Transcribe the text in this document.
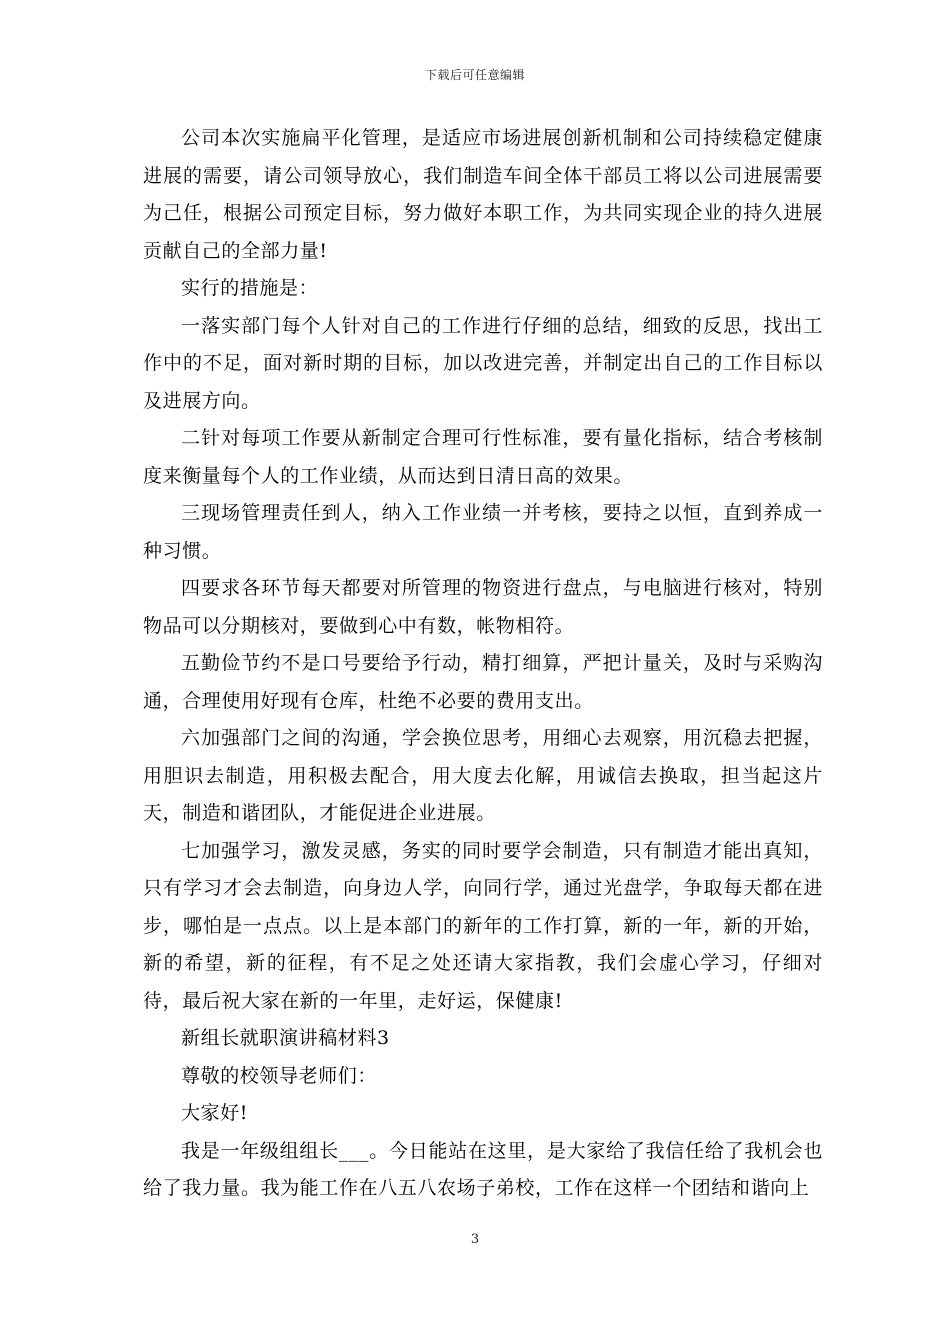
下载后可任意编辑

公司本次实施扁平化管理，是适应市场进展创新机制和公司持续稳定健康进展的需要，请公司领导放心，我们制造车间全体干部员工将以公司进展需要为己任，根据公司预定目标，努力做好本职工作，为共同实现企业的持久进展贡献自己的全部力量!

实行的措施是：

一落实部门每个人针对自己的工作进行仔细的总结，细致的反思，找出工作中的不足，面对新时期的目标，加以改进完善，并制定出自己的工作目标以及进展方向。

二针对每项工作要从新制定合理可行性标准，要有量化指标，结合考核制度来衡量每个人的工作业绩，从而达到日清日高的效果。

三现场管理责任到人，纳入工作业绩一并考核，要持之以恒，直到养成一种习惯。

四要求各环节每天都要对所管理的物资进行盘点，与电脑进行核对，特别物品可以分期核对，要做到心中有数，帐物相符。

五勤俭节约不是口号要给予行动，精打细算，严把计量关，及时与采购沟通，合理使用好现有仓库，杜绝不必要的费用支出。

六加强部门之间的沟通，学会换位思考，用细心去观察，用沉稳去把握，用胆识去制造，用积极去配合，用大度去化解，用诚信去换取，担当起这片天，制造和谐团队，才能促进企业进展。

七加强学习，激发灵感，务实的同时要学会制造，只有制造才能出真知，只有学习才会去制造，向身边人学，向同行学，通过光盘学，争取每天都在进步，哪怕是一点点。以上是本部门的新年的工作打算，新的一年，新的开始，新的希望，新的征程，有不足之处还请大家指教，我们会虚心学习，仔细对待，最后祝大家在新的一年里，走好运，保健康!

新组长就职演讲稿材料3

尊敬的校领导老师们：

大家好!

我是一年级组组长___。今日能站在这里，是大家给了我信任给了我机会也给了我力量。我为能工作在八五八农场子弟校，工作在这样一个团结和谐向上

3
